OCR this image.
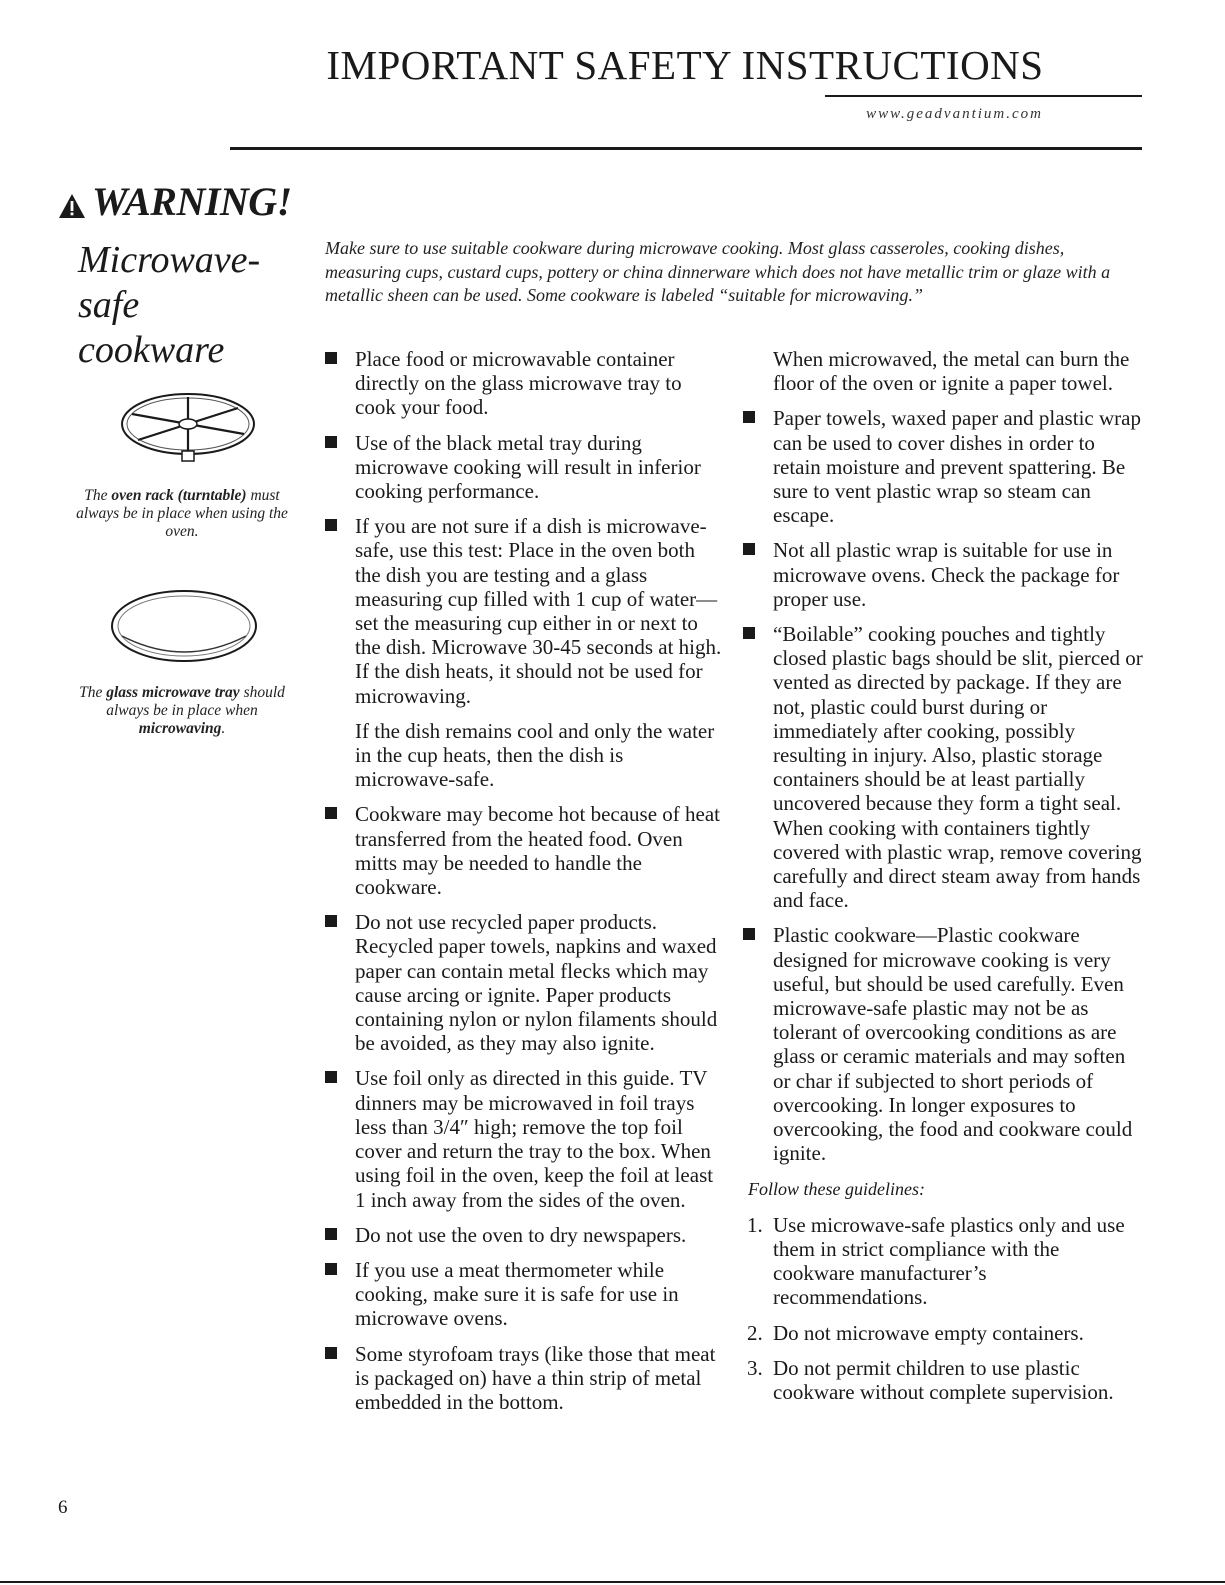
IMPORTANT SAFETY INSTRUCTIONS
www.geadvantium.com
WARNING!
Microwave-safe cookware
The oven rack (turntable) must always be in place when using the oven.
The glass microwave tray should always be in place when microwaving.
Make sure to use suitable cookware during microwave cooking. Most glass casseroles, cooking dishes, measuring cups, custard cups, pottery or china dinnerware which does not have metallic trim or glaze with a metallic sheen can be used. Some cookware is labeled “suitable for microwaving.”
Place food or microwavable container directly on the glass microwave tray to cook your food.
Use of the black metal tray during microwave cooking will result in inferior cooking performance.
If you are not sure if a dish is microwave-safe, use this test: Place in the oven both the dish you are testing and a glass measuring cup filled with 1 cup of water—set the measuring cup either in or next to the dish. Microwave 30-45 seconds at high. If the dish heats, it should not be used for microwaving.
If the dish remains cool and only the water in the cup heats, then the dish is microwave-safe.
Cookware may become hot because of heat transferred from the heated food. Oven mitts may be needed to handle the cookware.
Do not use recycled paper products. Recycled paper towels, napkins and waxed paper can contain metal flecks which may cause arcing or ignite. Paper products containing nylon or nylon filaments should be avoided, as they may also ignite.
Use foil only as directed in this guide. TV dinners may be microwaved in foil trays less than 3/4″ high; remove the top foil cover and return the tray to the box. When using foil in the oven, keep the foil at least 1 inch away from the sides of the oven.
Do not use the oven to dry newspapers.
If you use a meat thermometer while cooking, make sure it is safe for use in microwave ovens.
Some styrofoam trays (like those that meat is packaged on) have a thin strip of metal embedded in the bottom.
When microwaved, the metal can burn the floor of the oven or ignite a paper towel.
Paper towels, waxed paper and plastic wrap can be used to cover dishes in order to retain moisture and prevent spattering. Be sure to vent plastic wrap so steam can escape.
Not all plastic wrap is suitable for use in microwave ovens. Check the package for proper use.
“Boilable” cooking pouches and tightly closed plastic bags should be slit, pierced or vented as directed by package. If they are not, plastic could burst during or immediately after cooking, possibly resulting in injury. Also, plastic storage containers should be at least partially uncovered because they form a tight seal. When cooking with containers tightly covered with plastic wrap, remove covering carefully and direct steam away from hands and face.
Plastic cookware—Plastic cookware designed for microwave cooking is very useful, but should be used carefully. Even microwave-safe plastic may not be as tolerant of overcooking conditions as are glass or ceramic materials and may soften or char if subjected to short periods of overcooking. In longer exposures to overcooking, the food and cookware could ignite.
Follow these guidelines:
1. Use microwave-safe plastics only and use them in strict compliance with the cookware manufacturer’s recommendations.
2. Do not microwave empty containers.
3. Do not permit children to use plastic cookware without complete supervision.
6
